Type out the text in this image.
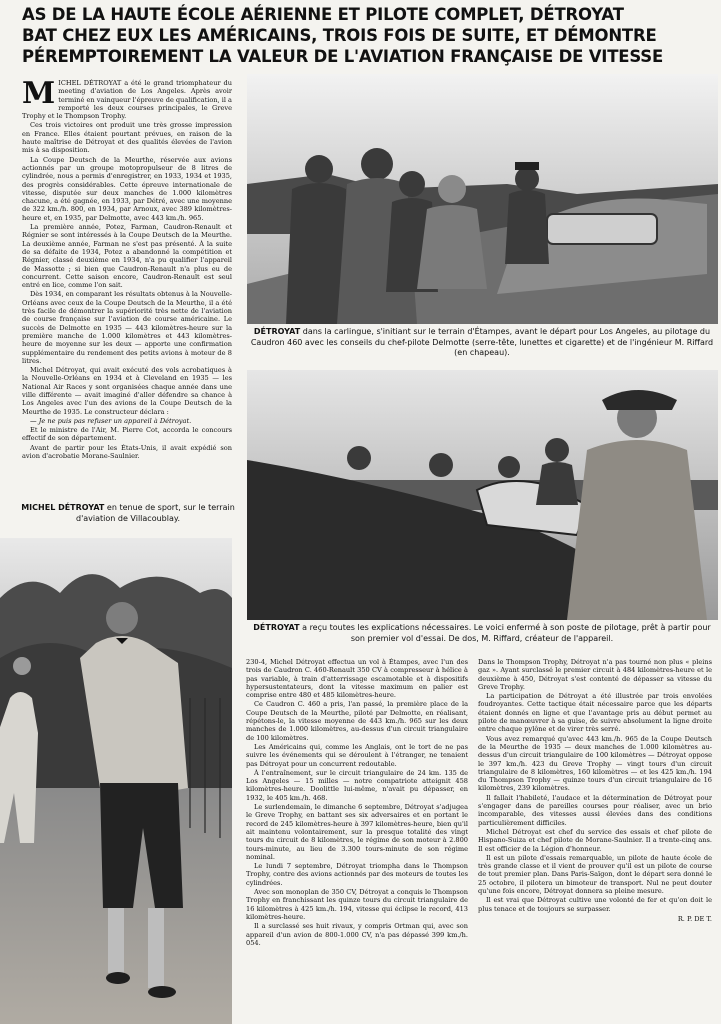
AS DE LA HAUTE ÉCOLE AÉRIENNE ET PILOTE COMPLET, DÉTROYAT
BAT CHEZ EUX LES AMÉRICAINS, TROIS FOIS DE SUITE, ET DÉMONTRE
PÉREMPTOIREMENT LA VALEUR DE L'AVIATION FRANÇAISE DE VITESSE

MICHEL DÉTROYAT a été le grand triomphateur du meeting d'aviation de Los Angeles. Après avoir terminé en vainqueur l'épreuve de qualification, il a remporté les deux courses principales, le Greve Trophy et le Thompson Trophy.

Ces trois victoires ont produit une très grosse impression en France. Elles étaient pourtant prévues, en raison de la haute maîtrise de Détroyat et des qualités élevées de l'avion mis à sa disposition.

La Coupe Deutsch de la Meurthe, réservée aux avions actionnés par un groupe motopropulseur de 8 litres de cylindrée, nous a permis d'enregistrer, en 1933, 1934 et 1935, des progrès considérables. Cette épreuve internationale de vitesse, disputée sur deux manches de 1.000 kilomètres chacune, a été gagnée, en 1933, par Détré, avec une moyenne de 322 km./h. 800, en 1934, par Arnoux, avec 389 kilomètres-heure et, en 1935, par Delmotte, avec 443 km./h. 965.

La première année, Potez, Farman, Caudron-Renault et Régnier se sont intéressés à la Coupe Deutsch de la Meurthe. La deuxième année, Farman ne s'est pas présenté. À la suite de sa défaite de 1934, Potez a abandonné la compétition et Régnier, classé deuxième en 1934, n'a pu qualifier l'appareil de Massotte ; si bien que Caudron-Renault n'a plus eu de concurrent. Cette saison encore, Caudron-Renault est seul entré en lice, comme l'on sait.

Dès 1934, en comparant les résultats obtenus à la Nouvelle-Orléans avec ceux de la Coupe Deutsch de la Meurthe, il a été très facile de démontrer la supériorité très nette de l'aviation de course française sur l'aviation de course américaine. Le succès de Delmotte en 1935 — 443 kilomètres-heure sur la première manche de 1.000 kilomètres et 443 kilomètres-heure de moyenne sur les deux — apporte une confirmation supplémentaire du rendement des petits avions à moteur de 8 litres.

Michel Détroyat, qui avait exécuté des vols acrobatiques à la Nouvelle-Orléans en 1934 et à Cleveland en 1935 — les National Air Races y sont organisées chaque année dans une ville différente — avait imaginé d'aller défendre sa chance à Los Angeles avec l'un des avions de la Coupe Deutsch de la Meurthe de 1935. Le constructeur déclara :

— Je ne puis pas refuser un appareil à Détroyat.

Et le ministre de l'Air, M. Pierre Cot, accorda le concours effectif de son département.

Avant de partir pour les États-Unis, il avait expédié son avion d'acrobatie Morane-Saulnier.

MICHEL DÉTROYAT en tenue de sport, sur le terrain d'aviation de Villacoublay.
DÉTROYAT dans la carlingue, s'initiant sur le terrain d'Étampes, avant le départ pour Los Angeles, au pilotage du Caudron 460 avec les conseils du chef-pilote Delmotte (serre-tête, lunettes et cigarette) et de l'ingénieur M. Riffard (en chapeau).
DÉTROYAT a reçu toutes les explications nécessaires. Le voici enfermé à son poste de pilotage, prêt à partir pour son premier vol d'essai. De dos, M. Riffard, créateur de l'appareil.

230-4, Michel Détroyat effectua un vol à Étampes, avec l'un des trois de Caudron C. 460-Renault 350 CV à compresseur à hélice à pas variable, à train d'atterrissage escamotable et à dispositifs hypersustentateurs, dont la vitesse maximum en palier est comprise entre 480 et 485 kilomètres-heure.

Ce Caudron C. 460 a pris, l'an passé, la première place de la Coupe Deutsch de la Meurthe, piloté par Delmotte, en réalisant, répétons-le, la vitesse moyenne de 443 km./h. 965 sur les deux manches de 1.000 kilomètres, au-dessus d'un circuit triangulaire de 100 kilomètres.

Les Américains qui, comme les Anglais, ont le tort de ne pas suivre les événements qui se déroulent à l'étranger, ne tenaient pas Détroyat pour un concurrent redoutable.

À l'entraînement, sur le circuit triangulaire de 24 km. 135 de Los Angeles — 15 milles — notre compatriote atteignit 458 kilomètres-heure. Doolittle lui-même, n'avait pu dépasser, en 1932, le 405 km./h. 468.

Le surlendemain, le dimanche 6 septembre, Détroyat s'adjugea le Greve Trophy, en battant ses six adversaires et en portant le record de 245 kilomètres-heure à 397 kilomètres-heure, bien qu'il ait maintenu volontairement, sur la presque totalité des vingt tours du circuit de 8 kilomètres, le régime de son moteur à 2.800 tours-minute, au lieu de 3.300 tours-minute de son régime nominal.

Le lundi 7 septembre, Détroyat triompha dans le Thompson Trophy, contre des avions actionnés par des moteurs de toutes les cylindrées.

Avec son monoplan de 350 CV, Détroyat a conquis le Thompson Trophy en franchissant les quinze tours du circuit triangulaire de 16 kilomètres à 425 km./h. 194, vitesse qui éclipse le record, 413 kilomètres-heure.

Il a surclassé ses huit rivaux, y compris Ortman qui, avec son appareil d'un avion de 800-1.000 CV, n'a pas dépassé 399 km./h. 054.

Dans le Thompson Trophy, Détroyat n'a pas tourné non plus « pleins gaz ». Ayant surclassé le premier circuit à 484 kilomètres-heure et le deuxième à 450, Détroyat s'est contenté de dépasser sa vitesse du Greve Trophy.

La participation de Détroyat a été illustrée par trois envolées foudroyantes. Cette tactique était nécessaire parce que les départs étaient donnés en ligne et que l'avantage pris au début permet au pilote de manœuvrer à sa guise, de suivre absolument la ligne droite entre chaque pylône et de virer très serré.

Vous avez remarqué qu'avec 443 km./h. 965 de la Coupe Deutsch de la Meurthe de 1935 — deux manches de 1.000 kilomètres au-dessus d'un circuit triangulaire de 100 kilomètres — Détroyat oppose le 397 km./h. 423 du Greve Trophy — vingt tours d'un circuit triangulaire de 8 kilomètres, 160 kilomètres — et les 425 km./h. 194 du Thompson Trophy — quinze tours d'un circuit triangulaire de 16 kilomètres, 239 kilomètres.

Il fallait l'habileté, l'audace et la détermination de Détroyat pour s'engager dans de pareilles courses pour réaliser, avec un brio incomparable, des vitesses aussi élevées dans des conditions particulièrement difficiles.

Michel Détroyat est chef du service des essais et chef pilote de Hispano-Suiza et chef pilote de Morane-Saulnier. Il a trente-cinq ans. Il est officier de la Légion d'honneur.

Il est un pilote d'essais remarquable, un pilote de haute école de très grande classe et il vient de prouver qu'il est un pilote de course de tout premier plan. Dans Paris-Saïgon, dont le départ sera donné le 25 octobre, il pilotera un bimoteur de transport. Nul ne peut douter qu'une fois encore, Détroyat donnera sa pleine mesure.

Il est vrai que Détroyat cultive une volonté de fer et qu'on doit le plus tenace et de toujours se surpasser.

R. P. DE T.
